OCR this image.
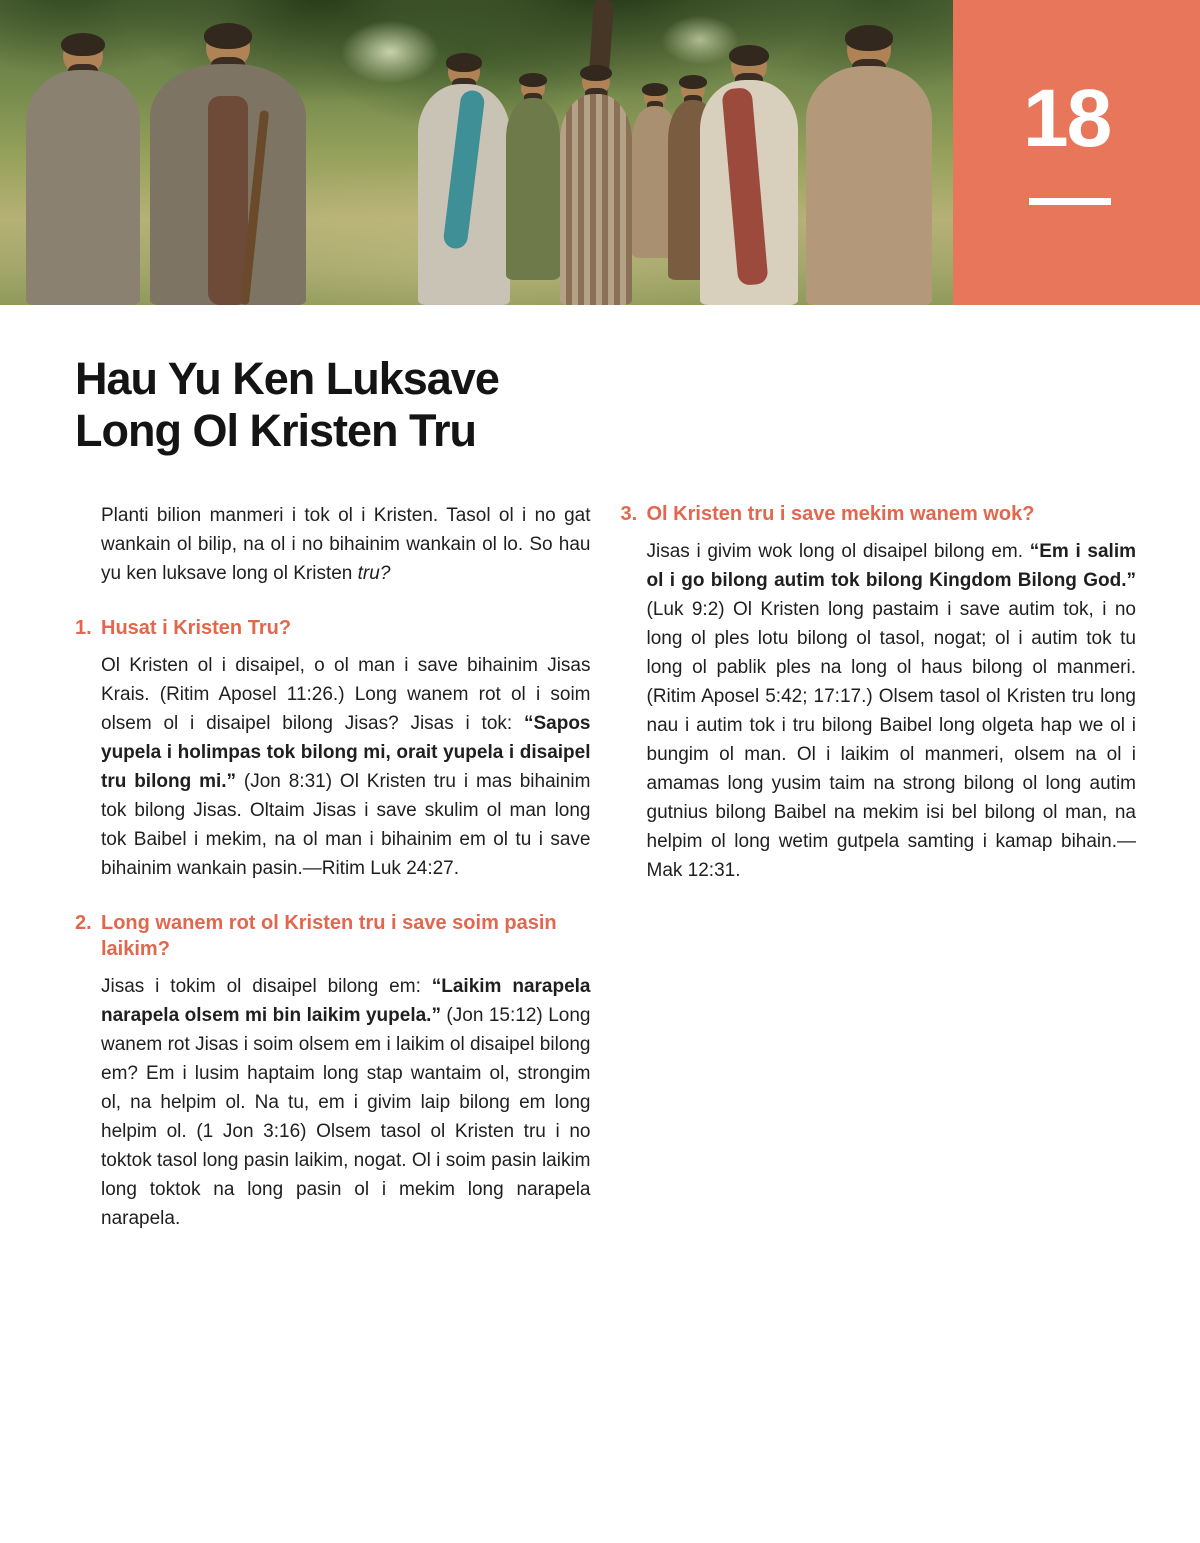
18
Hau Yu Ken Luksave
Long Ol Kristen Tru

Planti bilion manmeri i tok ol i Kristen. Tasol ol i no gat wankain ol bilip, na ol i no bihainim wankain ol lo. So hau yu ken luksave long ol Kristen tru?

1. Husat i Kristen Tru?

Ol Kristen ol i disaipel, o ol man i save bihainim Jisas Krais. (Ritim Aposel 11:26.) Long wanem rot ol i soim olsem ol i disaipel bilong Jisas? Jisas i tok: “Sapos yupela i holimpas tok bilong mi, orait yupela i disaipel tru bilong mi.” (Jon 8:31) Ol Kristen tru i mas bihainim tok bilong Jisas. Oltaim Jisas i save skulim ol man long tok Baibel i mekim, na ol man i bihainim em ol tu i save bihainim wankain pasin.—Ritim Luk 24:27.

2. Long wanem rot ol Kristen tru i save soim pasin laikim?

Jisas i tokim ol disaipel bilong em: “Laikim narapela narapela olsem mi bin laikim yupela.” (Jon 15:12) Long wanem rot Jisas i soim olsem em i laikim ol disaipel bilong em? Em i lusim haptaim long stap wantaim ol, strongim ol, na helpim ol. Na tu, em i givim laip bilong em long helpim ol. (1 Jon 3:16) Olsem tasol ol Kristen tru i no toktok tasol long pasin laikim, nogat. Ol i soim pasin laikim long toktok na long pasin ol i mekim long narapela narapela.

3. Ol Kristen tru i save mekim wanem wok?

Jisas i givim wok long ol disaipel bilong em. “Em i salim ol i go bilong autim tok bilong Kingdom Bilong God.” (Luk 9:2) Ol Kristen long pastaim i save autim tok, i no long ol ples lotu bilong ol tasol, nogat; ol i autim tok tu long ol pablik ples na long ol haus bilong ol manmeri. (Ritim Aposel 5:42; 17:17.) Olsem tasol ol Kristen tru long nau i autim tok i tru bilong Baibel long olgeta hap we ol i bungim ol man. Ol i laikim ol manmeri, olsem na ol i amamas long yusim taim na strong bilong ol long autim gutnius bilong Baibel na mekim isi bel bilong ol man, na helpim ol long wetim gutpela samting i kamap bihain.—Mak 12:31.
